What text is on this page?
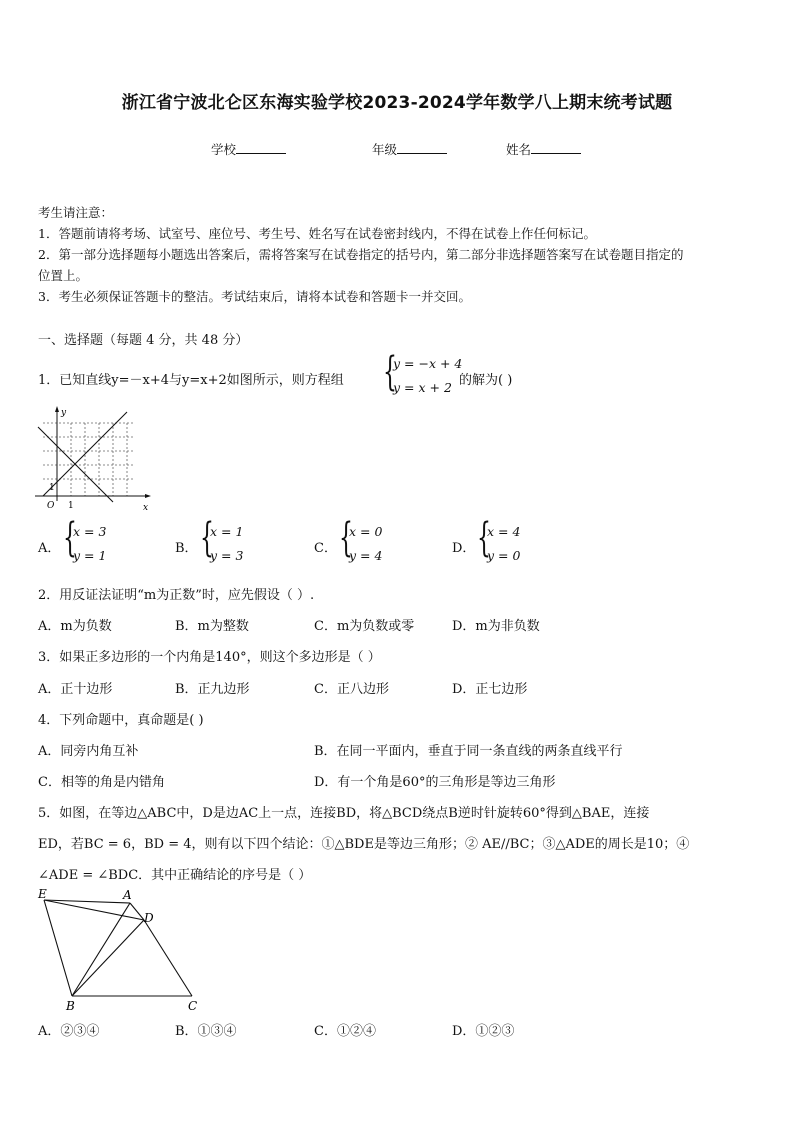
浙江省宁波北仑区东海实验学校2023-2024学年数学八上期末统考试题
学校	年级	姓名
考生请注意：
1．答题前请将考场、试室号、座位号、考生号、姓名写在试卷密封线内，不得在试卷上作任何标记。
2．第一部分选择题每小题选出答案后，需将答案写在试卷指定的括号内，第二部分非选择题答案写在试卷题目指定的
位置上。
3．考生必须保证答题卡的整洁。考试结束后，请将本试卷和答题卡一并交回。
一、选择题（每题 4 分，共 48 分）
1．已知直线y=－x+4与y=x+2如图所示，则方程组 {
y = −x + 4
y = x + 2 的解为( )
y
x
O 1
1
A． {
x = 3
y = 1	B． {
x = 1
y = 3	C． {
x = 0
y = 4	D． {
x = 4
y = 0
2．用反证法证明“m为正数”时，应先假设（ ）.
A．m为负数	B．m为整数	C．m为负数或零	D．m为非负数
3．如果正多边形的一个内角是140°，则这个多边形是（ ）
A．正十边形	B．正九边形	C．正八边形	D．正七边形
4．下列命题中，真命题是( )
A．同旁内角互补	B．在同一平面内，垂直于同一条直线的两条直线平行
C．相等的角是内错角	D．有一个角是60°的三角形是等边三角形
5．如图，在等边△ABC中，D是边AC上一点，连接BD，将△BCD绕点B逆时针旋转60°得到△BAE，连接
ED，若BC = 6，BD = 4，则有以下四个结论：①△BDE是等边三角形；② AE//BC；③△ADE的周长是10；④
∠ADE = ∠BDC．其中正确结论的序号是（ ）
E	A
D
B	C
A．②③④	B．①③④	C．①②④	D．①②③
